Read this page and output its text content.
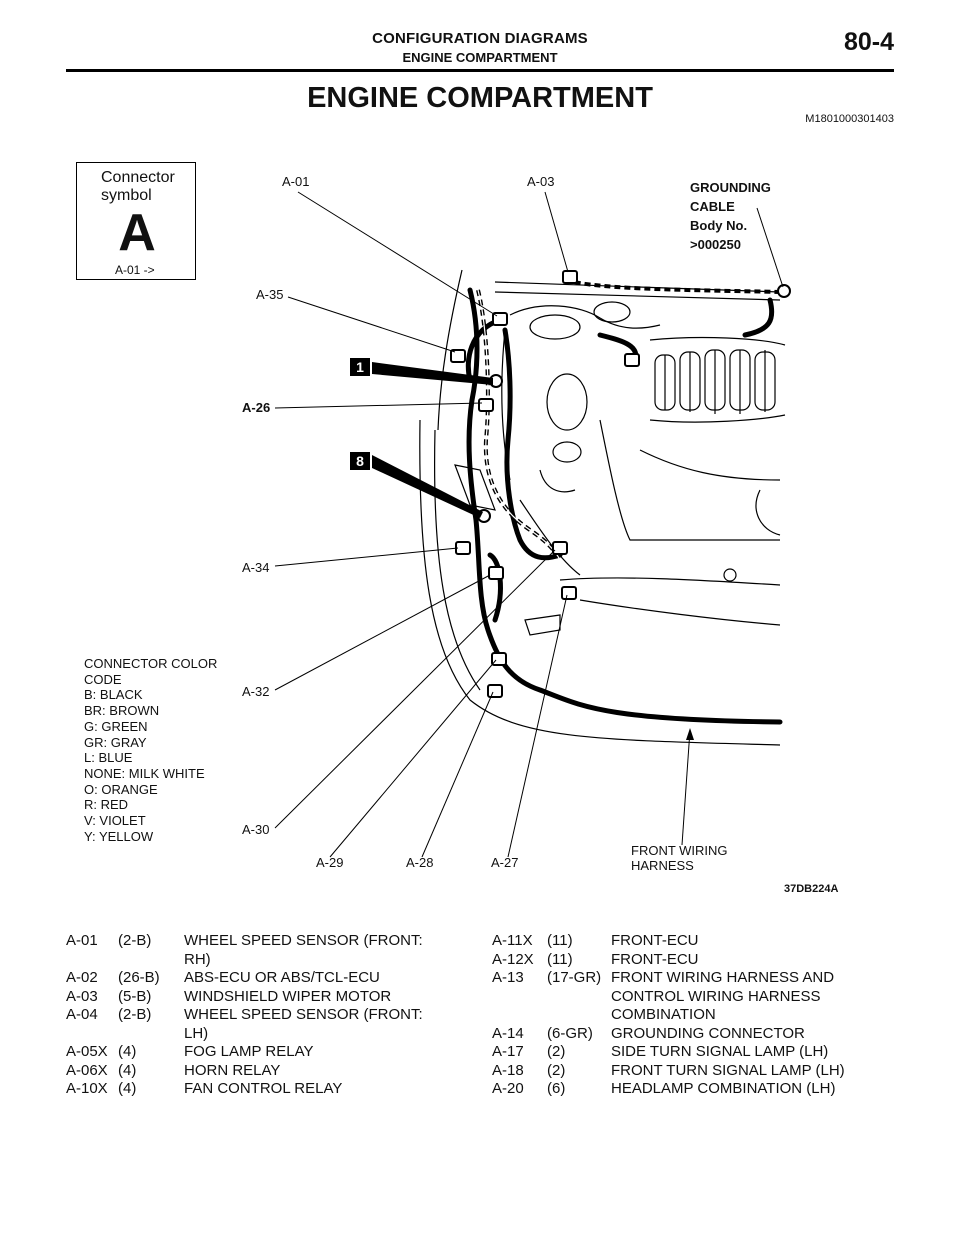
CONFIGURATION DIAGRAMS
ENGINE COMPARTMENT
80-4
ENGINE COMPARTMENT
M1801000301403
1
8
Connector symbol
A
A-01 ->
CONNECTOR COLOR CODE
B: BLACK
BR: BROWN
G: GREEN
GR: GRAY
L: BLUE
NONE: MILK WHITE
O: ORANGE
R: RED
V: VIOLET
Y: YELLOW
A-01	A-03
A-35
A-26
A-34
A-32
A-30
A-29	A-28	A-27
GROUNDING
CABLE
Body No.
>000250
FRONT WIRING
HARNESS
37DB224A
A-01	(2-B)	WHEEL SPEED SENSOR (FRONT: RH)
A-02	(26-B)	ABS-ECU OR ABS/TCL-ECU
A-03	(5-B)	WINDSHIELD WIPER MOTOR
A-04	(2-B)	WHEEL SPEED SENSOR (FRONT: LH)
A-05X (4)	FOG LAMP RELAY
A-06X (4)	HORN RELAY
A-10X (4)	FAN CONTROL RELAY
A-11X (11)	FRONT-ECU
A-12X (11)	FRONT-ECU
A-13	(17-GR) FRONT WIRING HARNESS AND CONTROL WIRING HARNESS COMBINATION
A-14	(6-GR)	GROUNDING CONNECTOR
A-17	(2)	SIDE TURN SIGNAL LAMP (LH)
A-18	(2)	FRONT TURN SIGNAL LAMP (LH)
A-20	(6)	HEADLAMP COMBINATION (LH)
